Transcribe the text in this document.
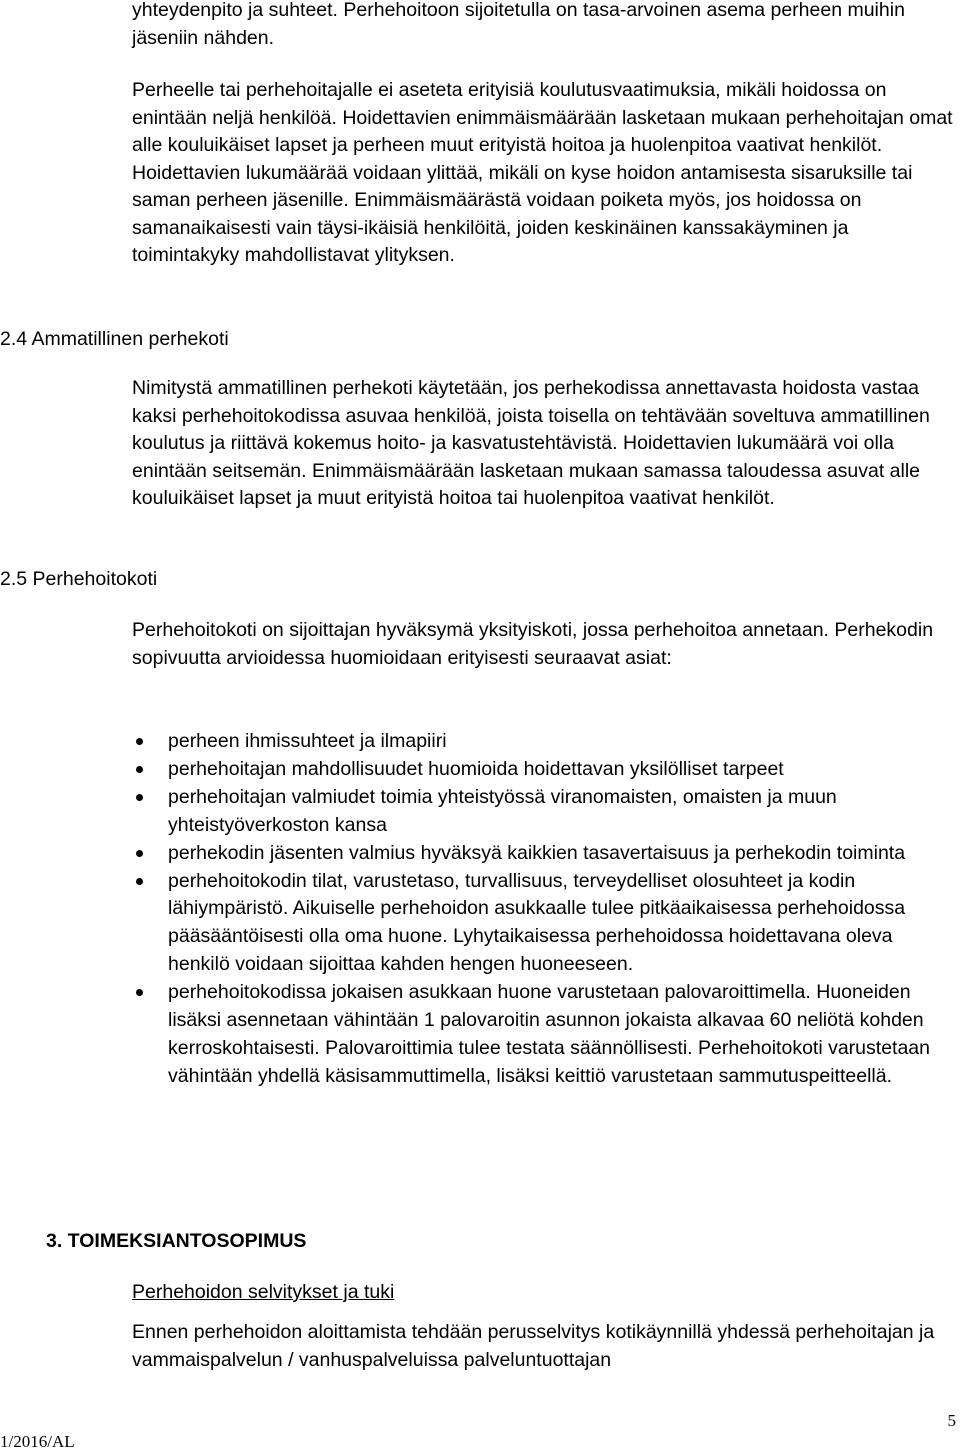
yhteydenpito ja suhteet. Perhehoitoon sijoitetulla on tasa-arvoinen asema perheen muihin jäseniin nähden.

Perheelle tai perhehoitajalle ei aseteta erityisiä koulutusvaatimuksia, mikäli hoidossa on enintään neljä henkilöä. Hoidettavien enimmäismäärään lasketaan mukaan perhehoitajan omat alle kouluikäiset lapset ja perheen muut erityistä hoitoa ja huolenpitoa vaativat henkilöt. Hoidettavien lukumäärää voidaan ylittää, mikäli on kyse hoidon antamisesta sisaruksille tai saman perheen jäsenille. Enimmäismäärästä voidaan poiketa myös, jos hoidossa on samanaikaisesti vain täysi-ikäisiä henkilöitä, joiden keskinäinen kanssakäyminen ja toimintakyky mahdollistavat ylityksen.

2.4 Ammatillinen perhekoti

Nimitystä ammatillinen perhekoti käytetään, jos perhekodissa annettavasta hoidosta vastaa kaksi perhehoitokodissa asuvaa henkilöä, joista toisella on tehtävään soveltuva ammatillinen koulutus ja riittävä kokemus hoito- ja kasvatustehtävistä. Hoidettavien lukumäärä voi olla enintään seitsemän. Enimmäismäärään lasketaan mukaan samassa taloudessa asuvat alle kouluikäiset lapset ja muut erityistä hoitoa tai huolenpitoa vaativat henkilöt.

2.5 Perhehoitokoti

Perhehoitokoti on sijoittajan hyväksymä yksityiskoti, jossa perhehoitoa annetaan. Perhekodin sopivuutta arvioidessa huomioidaan erityisesti seuraavat asiat:

perheen ihmissuhteet ja ilmapiiri
perhehoitajan mahdollisuudet huomioida hoidettavan yksilölliset tarpeet
perhehoitajan valmiudet toimia yhteistyössä viranomaisten, omaisten ja muun yhteistyöverkoston kansa
perhekodin jäsenten valmius hyväksyä kaikkien tasavertaisuus ja perhekodin toiminta
perhehoitokodin tilat, varustetaso, turvallisuus, terveydelliset olosuhteet ja kodin lähiympäristö. Aikuiselle perhehoidon asukkaalle tulee pitkäaikaisessa perhehoidossa pääsääntöisesti olla oma huone. Lyhytaikaisessa perhehoidossa hoidettavana oleva henkilö voidaan sijoittaa kahden hengen huoneeseen.
perhehoitokodissa jokaisen asukkaan huone varustetaan palovaroittimella. Huoneiden lisäksi asennetaan vähintään 1 palovaroitin asunnon jokaista alkavaa 60 neliötä kohden kerroskohtaisesti. Palovaroittimia tulee testata säännöllisesti. Perhehoitokoti varustetaan vähintään yhdellä käsisammuttimella, lisäksi keittiö varustetaan sammutuspeitteellä.

3. TOIMEKSIANTOSOPIMUS

Perhehoidon selvitykset ja tuki

Ennen perhehoidon aloittamista tehdään perusselvitys kotikäynnillä yhdessä perhehoitajan ja vammaispalvelun / vanhuspalveluissa palveluntuottajan

1/2016/AL
5
